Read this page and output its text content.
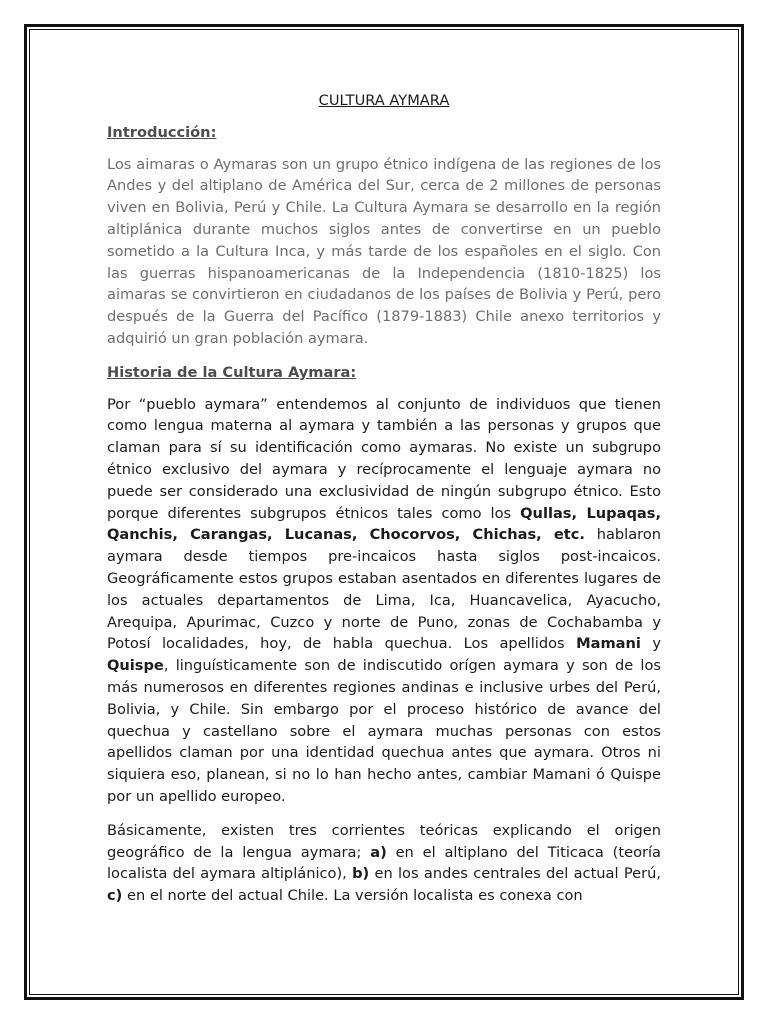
CULTURA AYMARA
Introducción:

Los aimaras o Aymaras son un grupo étnico indígena de las regiones de los Andes y del altiplano de América del Sur, cerca de 2 millones de personas viven en Bolivia, Perú y Chile. La Cultura Aymara se desarrollo en la región altiplánica durante muchos siglos antes de convertirse en un pueblo sometido a la Cultura Inca, y más tarde de los españoles en el siglo. Con las guerras hispanoamericanas de la Independencia (1810-1825) los aimaras se convirtieron en ciudadanos de los países de Bolivia y Perú, pero después de la Guerra del Pacífico (1879-1883) Chile anexo territorios y adquirió un gran población aymara.

Historia de la Cultura Aymara:

Por “pueblo aymara” entendemos al conjunto de individuos que tienen como lengua materna al aymara y también a las personas y grupos que claman para sí su identificación como aymaras. No existe un subgrupo étnico exclusivo del aymara y recíprocamente el lenguaje aymara no puede ser considerado una exclusividad de ningún subgrupo étnico. Esto porque diferentes subgrupos étnicos tales como los Qullas, Lupaqas, Qanchis, Carangas, Lucanas, Chocorvos, Chichas, etc. hablaron aymara desde tiempos pre-incaicos hasta siglos post-incaicos. Geográficamente estos grupos estaban asentados en diferentes lugares de los actuales departamentos de Lima, Ica, Huancavelica, Ayacucho, Arequipa, Apurimac, Cuzco y norte de Puno, zonas de Cochabamba y Potosí localidades, hoy, de habla quechua. Los apellidos Mamani y Quispe, linguísticamente son de indiscutido orígen aymara y son de los más numerosos en diferentes regiones andinas e inclusive urbes del Perú, Bolivia, y Chile. Sin embargo por el proceso histórico de avance del quechua y castellano sobre el aymara muchas personas con estos apellidos claman por una identidad quechua antes que aymara. Otros ni siquiera eso, planean, si no lo han hecho antes, cambiar Mamani ó Quispe por un apellido europeo.

Básicamente, existen tres corrientes teóricas explicando el origen geográfico de la lengua aymara; a) en el altiplano del Titicaca (teoría localista del aymara altiplánico), b) en los andes centrales del actual Perú, c) en el norte del actual Chile. La versión localista es conexa con
